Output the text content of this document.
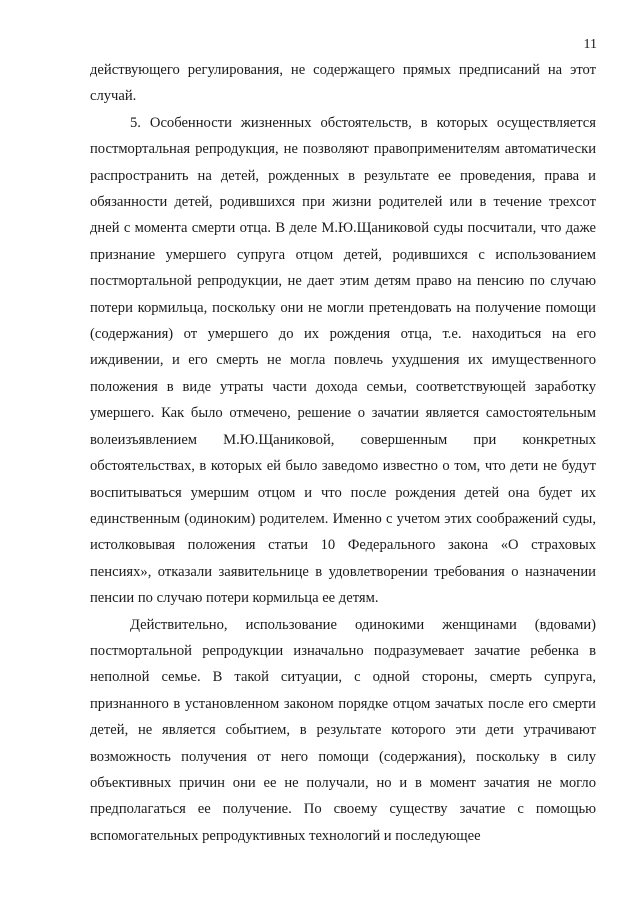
11

действующего регулирования, не содержащего прямых предписаний на этот случай.

5. Особенности жизненных обстоятельств, в которых осуществляется постмортальная репродукция, не позволяют правоприменителям автоматически распространить на детей, рожденных в результате ее проведения, права и обязанности детей, родившихся при жизни родителей или в течение трехсот дней с момента смерти отца. В деле М.Ю.Щаниковой суды посчитали, что даже признание умершего супруга отцом детей, родившихся с использованием постмортальной репродукции, не дает этим детям право на пенсию по случаю потери кормильца, поскольку они не могли претендовать на получение помощи (содержания) от умершего до их рождения отца, т.е. находиться на его иждивении, и его смерть не могла повлечь ухудшения их имущественного положения в виде утраты части дохода семьи, соответствующей заработку умершего. Как было отмечено, решение о зачатии является самостоятельным волеизъявлением М.Ю.Щаниковой, совершенным при конкретных обстоятельствах, в которых ей было заведомо известно о том, что дети не будут воспитываться умершим отцом и что после рождения детей она будет их единственным (одиноким) родителем. Именно с учетом этих соображений суды, истолковывая положения статьи 10 Федерального закона «О страховых пенсиях», отказали заявительнице в удовлетворении требования о назначении пенсии по случаю потери кормильца ее детям.

Действительно, использование одинокими женщинами (вдовами) постмортальной репродукции изначально подразумевает зачатие ребенка в неполной семье. В такой ситуации, с одной стороны, смерть супруга, признанного в установленном законом порядке отцом зачатых после его смерти детей, не является событием, в результате которого эти дети утрачивают возможность получения от него помощи (содержания), поскольку в силу объективных причин они ее не получали, но и в момент зачатия не могло предполагаться ее получение. По своему существу зачатие с помощью вспомогательных репродуктивных технологий и последующее
